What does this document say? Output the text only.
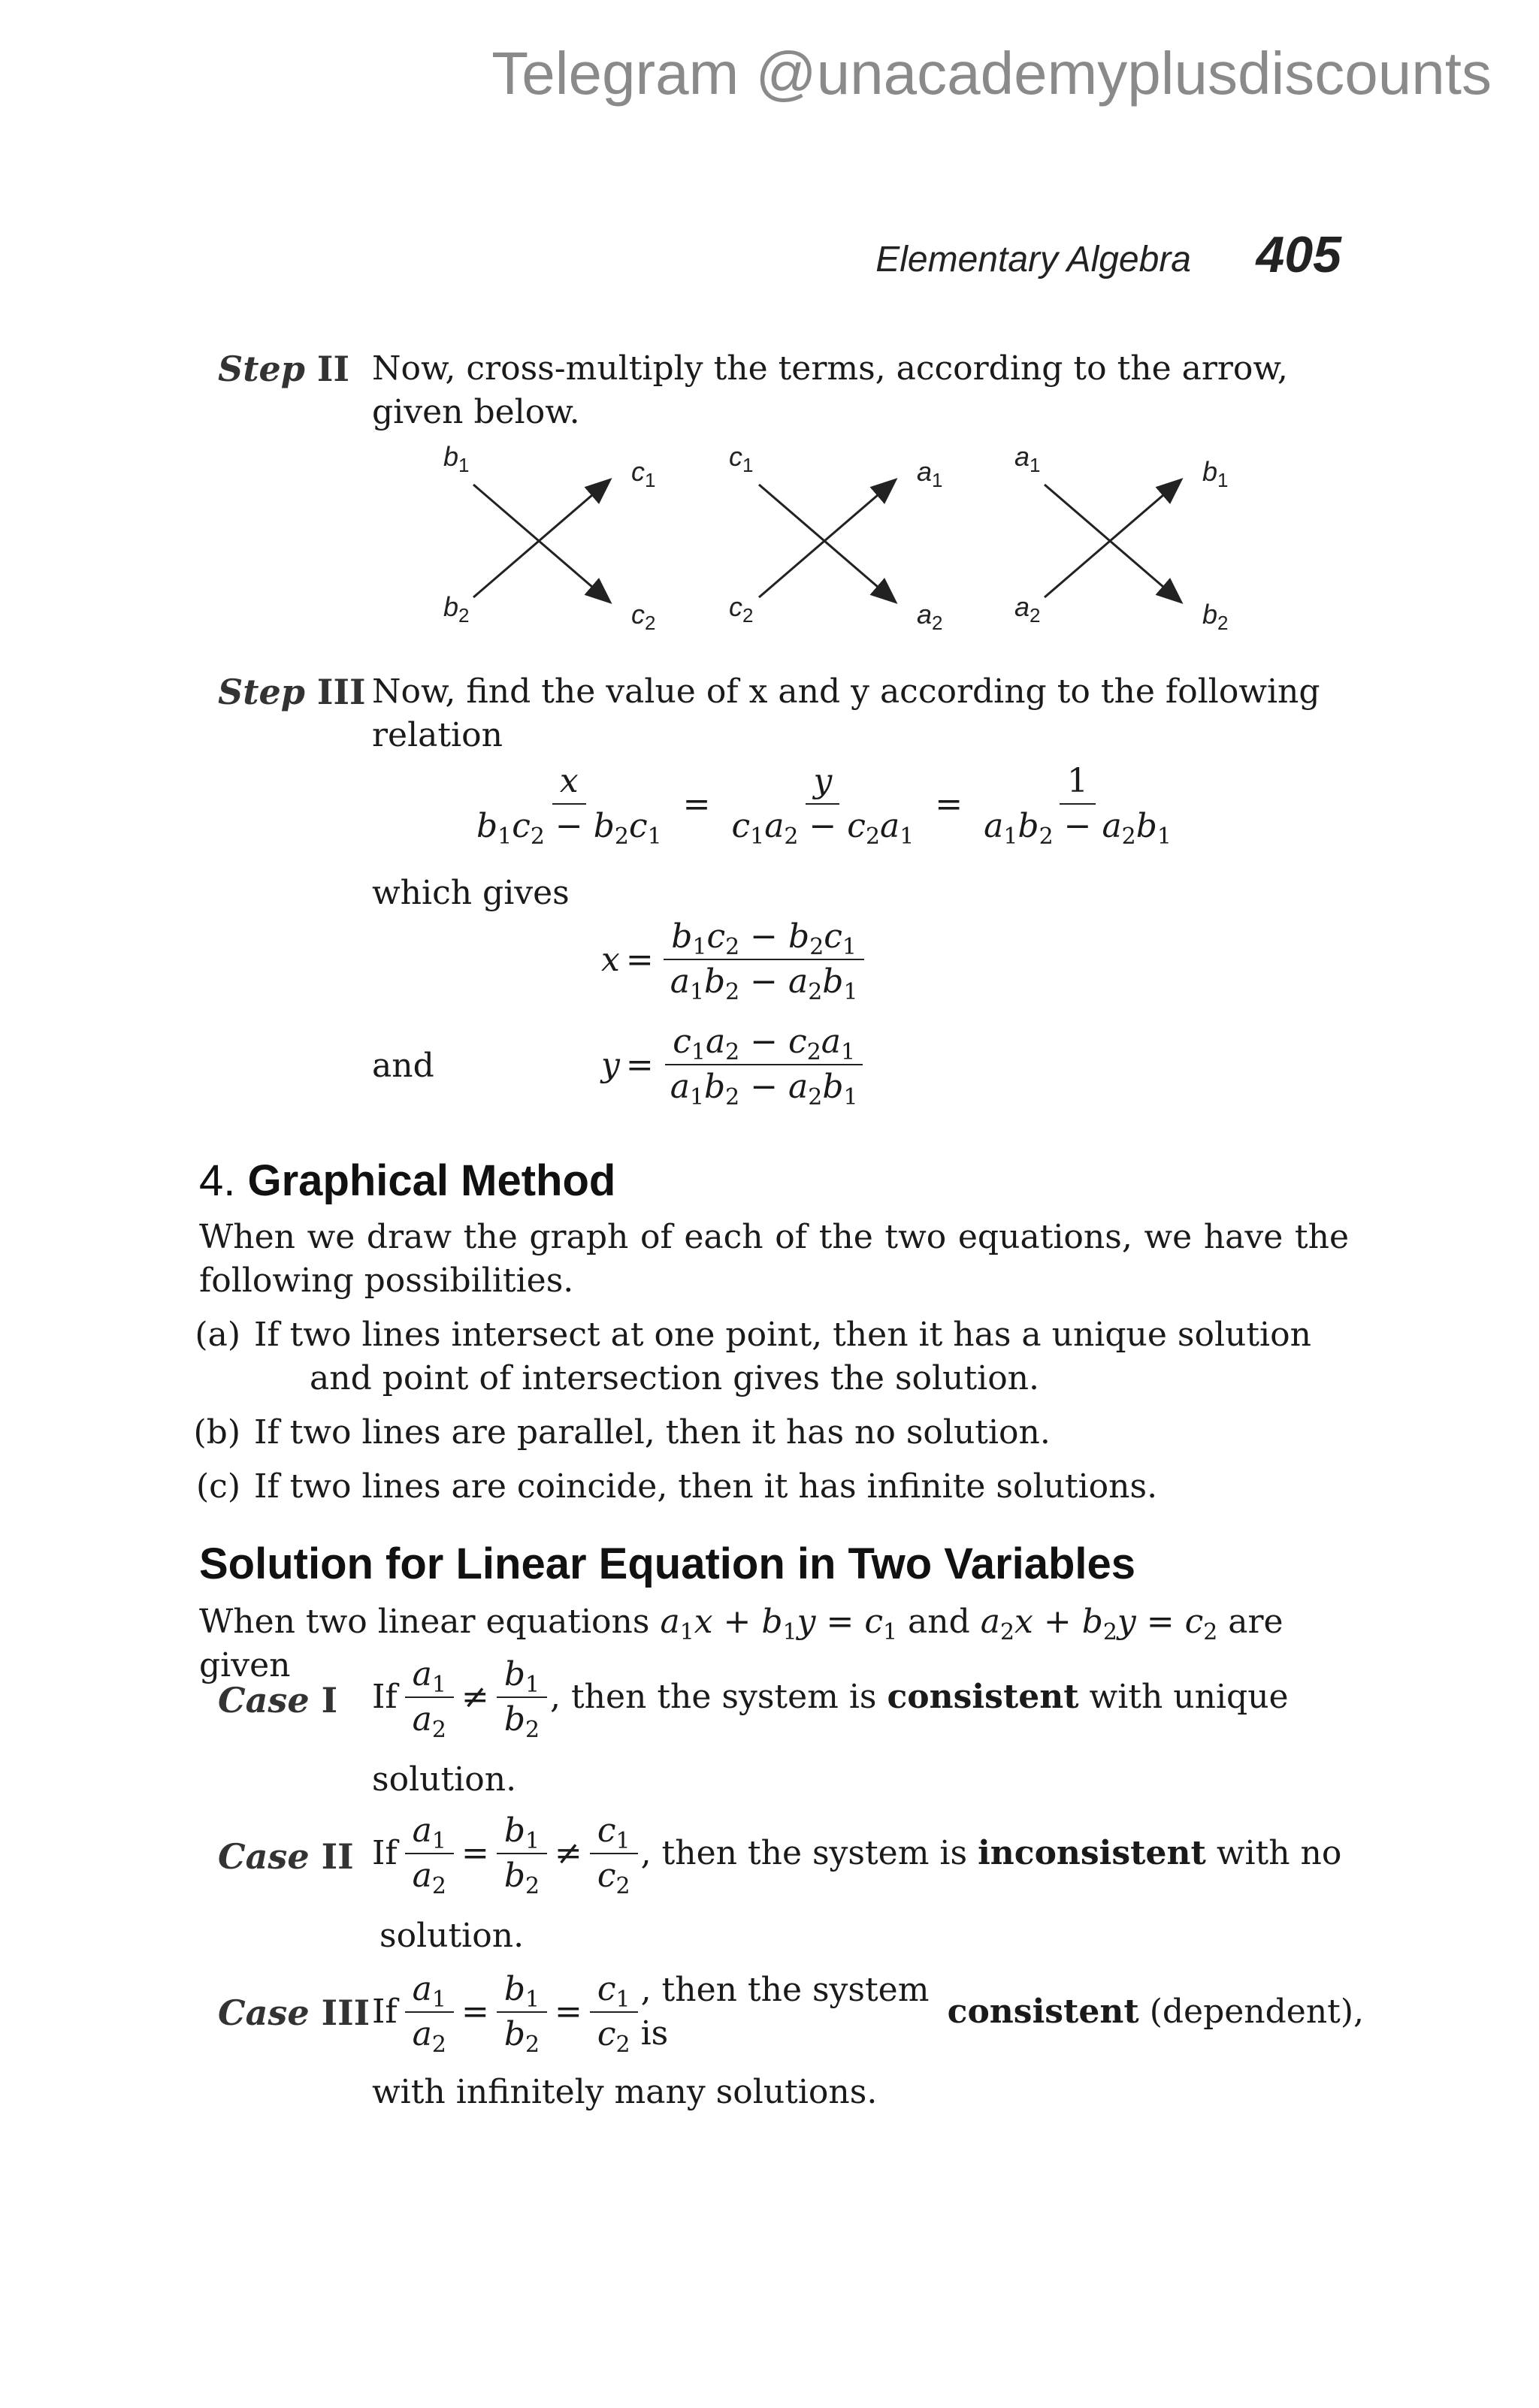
Telegram @unacademyplusdiscounts
Elementary Algebra 405
Step II Now, cross-multiply the terms, according to the arrow,
given below.
$b_1$	$c_1$
$b_2$	$c_2$
$c_1$	$a_1$
$c_2$	$a_2$
$a_1$	$b_1$
$a_2$	$b_2$
Step III Now, find the value of x and y according to the following
relation
$\frac{x}{b_1c_2 - b_2c_1} = \frac{y}{c_1a_2 - c_2a_1} = \frac{1}{a_1b_2 - a_2b_1}$
which gives
$x = \frac{b_1c_2 - b_2c_1}{a_1b_2 - a_2b_1}$
and	$y = \frac{c_1a_2 - c_2a_1}{a_1b_2 - a_2b_1}$
4. Graphical Method
When we draw the graph of each of the two equations, we have the
following possibilities.
(a) If two lines intersect at one point, then it has a unique solution
and point of intersection gives the solution.
(b) If two lines are parallel, then it has no solution.
(c) If two lines are coincide, then it has infinite solutions.
Solution for Linear Equation in Two Variables
When two linear equations $a_1x + b_1y = c_1$ and $a_2x + b_2y = c_2$ are given
Case I If $\frac{a_1}{a_2} \ne \frac{b_1}{b_2}$ , then the system is
consistent
with unique
solution.
Case II If $\frac{a_1}{a_2} = \frac{b_1}{b_2} \ne \frac{c_1}{c_2}$ , then the system is
inconsistent
with no
solution.
Case III If $\frac{a_1}{a_2} = \frac{b_1}{b_2} = \frac{c_1}{c_2}$ , then the system is

consistent
(dependent),
with infinitely many solutions.
